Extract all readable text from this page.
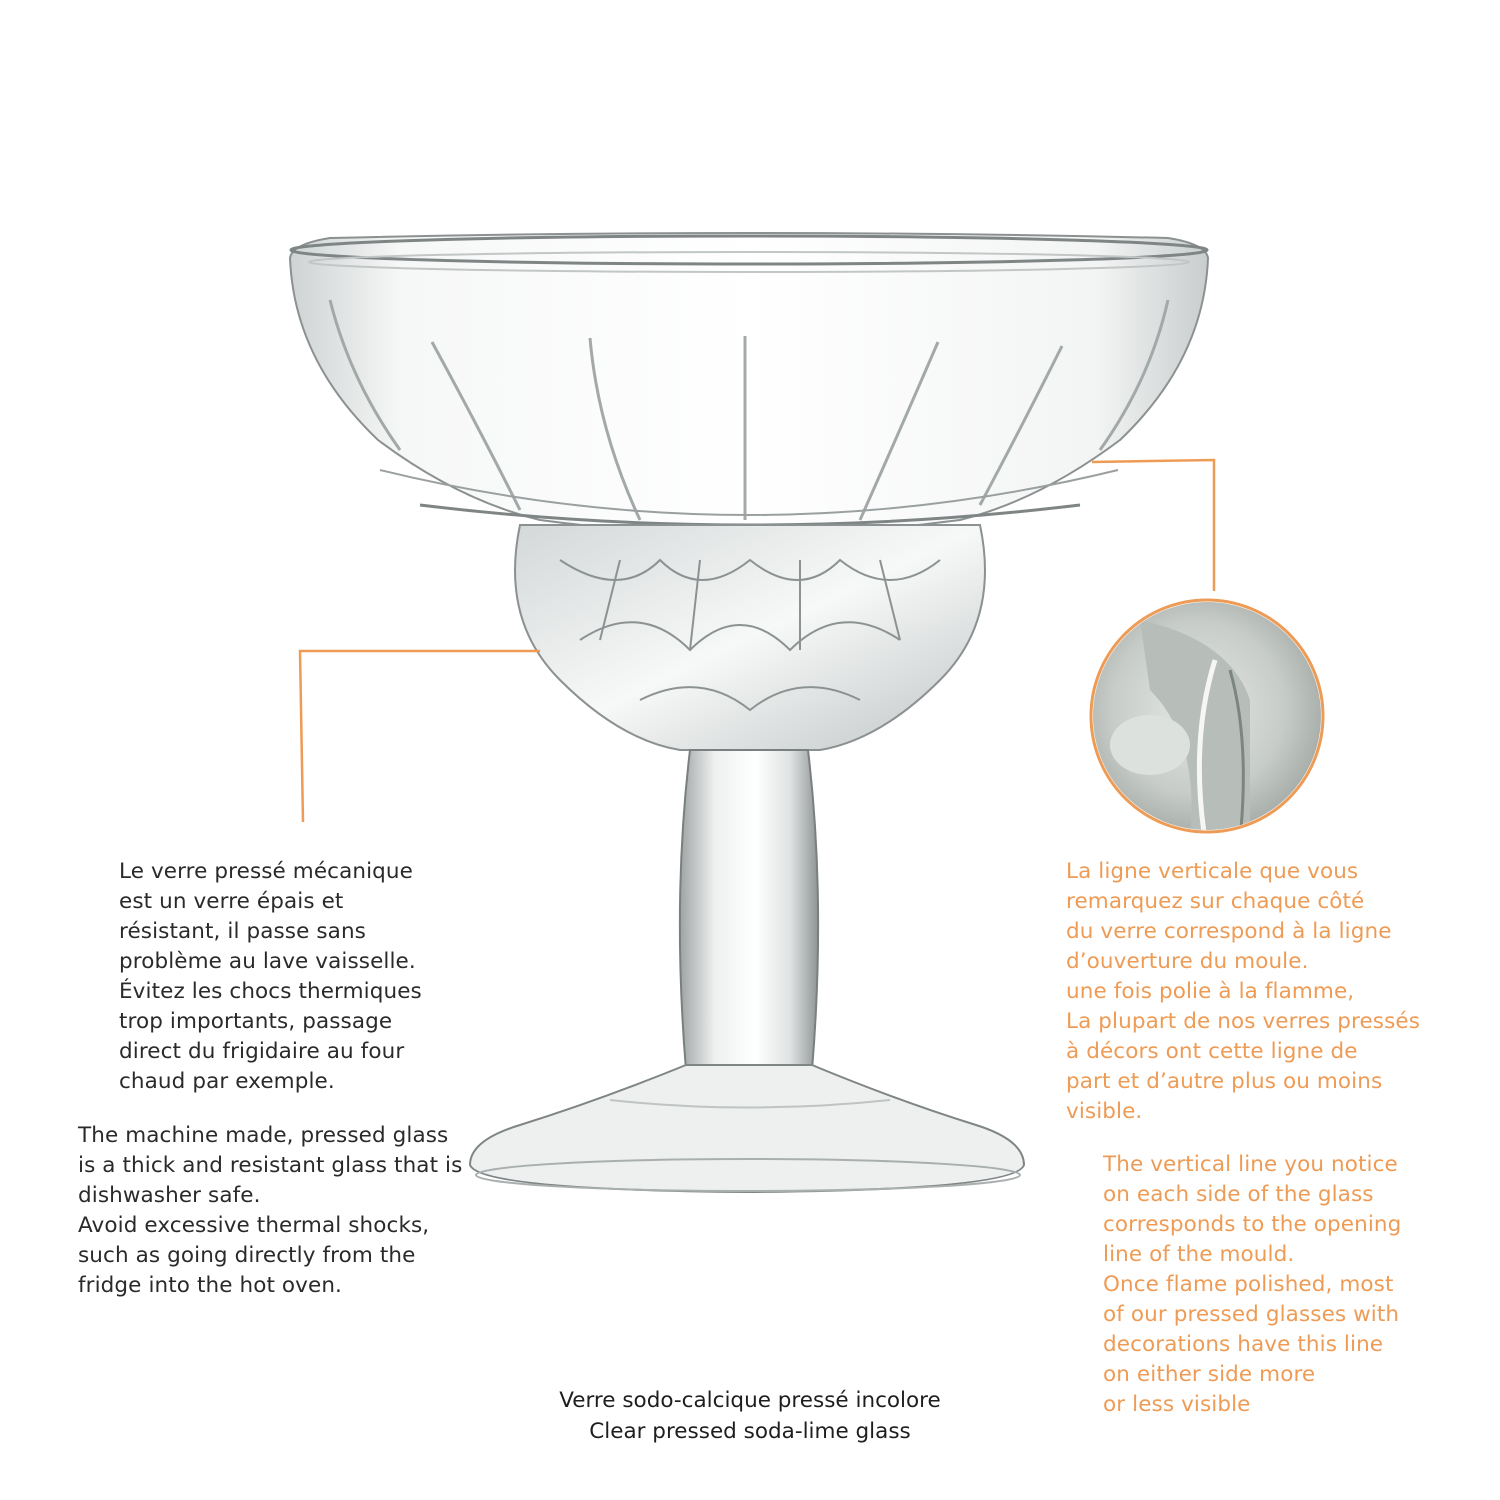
Le verre pressé mécanique
est un verre épais et
résistant, il passe sans
problème au lave vaisselle.
Évitez les chocs thermiques
trop importants, passage
direct du frigidaire au four
chaud par exemple.

The machine made, pressed glass
is a thick and resistant glass that is
dishwasher safe.
Avoid excessive thermal shocks,
such as going directly from the
fridge into the hot oven.

La ligne verticale que vous
remarquez sur chaque côté
du verre correspond à la ligne
d’ouverture du moule.
une fois polie à la flamme,
La plupart de nos verres pressés
à décors ont cette ligne de
part et d’autre plus ou moins
visible.

The vertical line you notice
on each side of the glass
corresponds to the opening
line of the mould.
Once flame polished, most
of our pressed glasses with
decorations have this line
on either side more
or less visible

Verre sodo-calcique pressé incolore
Clear pressed soda-lime glass
